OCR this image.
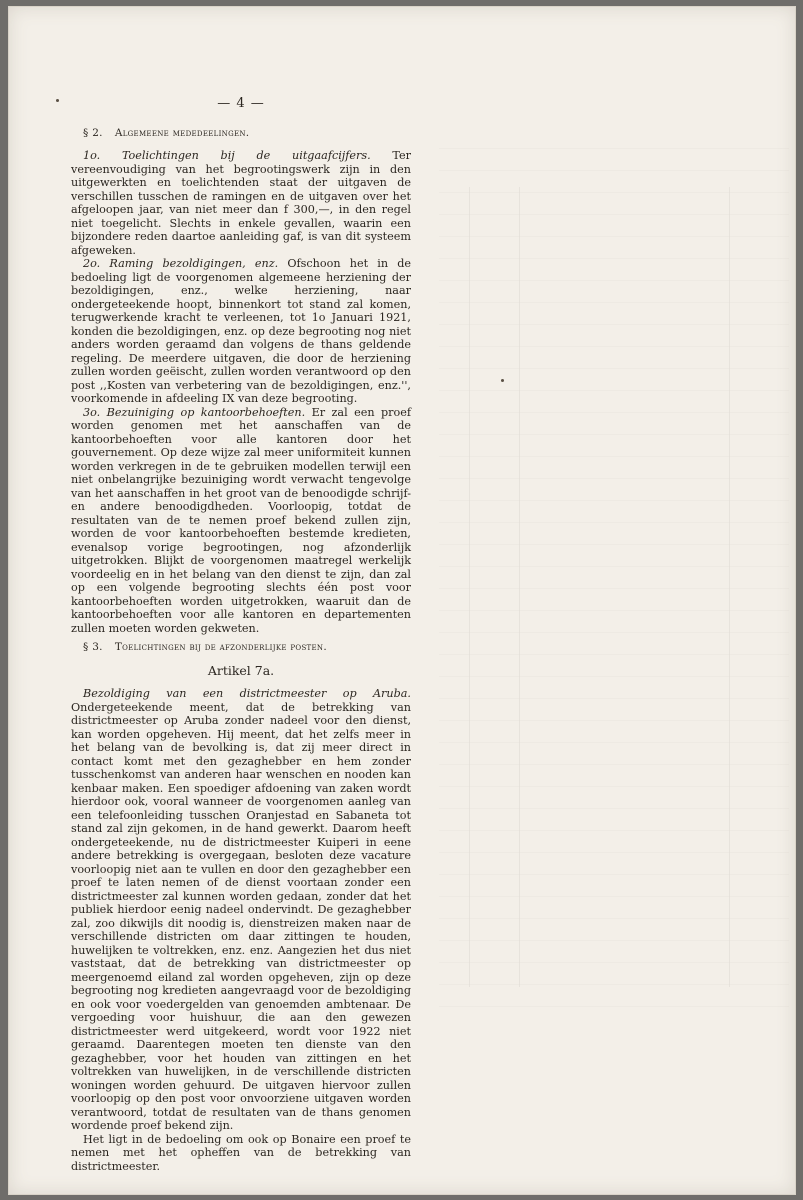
— 4 —
§ 2. Algemeene mededeelingen.

1o. Toelichtingen bij de uitgaafcijfers. Ter vereenvoudiging van het begrootingswerk zijn in den uitgewerkten en toelichtenden staat der uitgaven de verschillen tusschen de ramingen en de uitgaven over het afgeloopen jaar, van niet meer dan f 300,—, in den regel niet toegelicht. Slechts in enkele gevallen, waarin een bijzondere reden daartoe aanleiding gaf, is van dit systeem afgeweken.

2o. Raming bezoldigingen, enz. Ofschoon het in de bedoeling ligt de voorgenomen algemeene herziening der bezoldigingen, enz., welke herziening, naar ondergeteekende hoopt, binnenkort tot stand zal komen, terugwerkende kracht te verleenen, tot 1o Januari 1921, konden die bezoldigingen, enz. op deze begrooting nog niet anders worden geraamd dan volgens de thans geldende regeling. De meerdere uitgaven, die door de herziening zullen worden geëischt, zullen worden verantwoord op den post ,,Kosten van verbetering van de bezoldigingen, enz.'', voorkomende in afdeeling IX van deze begrooting.

3o. Bezuiniging op kantoorbehoeften. Er zal een proef worden genomen met het aanschaffen van de kantoorbehoeften voor alle kantoren door het gouvernement. Op deze wijze zal meer uniformiteit kunnen worden verkregen in de te gebruiken modellen terwijl een niet onbelangrijke bezuiniging wordt verwacht tengevolge van het aanschaffen in het groot van de benoodigde schrijf- en andere benoodigdheden. Voorloopig, totdat de resultaten van de te nemen proef bekend zullen zijn, worden de voor kantoorbehoeften bestemde kredieten, evenalsop vorige begrootingen, nog afzonderlijk uitgetrokken. Blijkt de voorgenomen maatregel werkelijk voordeelig en in het belang van den dienst te zijn, dan zal op een volgende begrooting slechts één post voor kantoorbehoeften worden uitgetrokken, waaruit dan de kantoorbehoeften voor alle kantoren en departementen zullen moeten worden gekweten.

§ 3. Toelichtingen bij de afzonderlijke posten.
Artikel 7a.

Bezoldiging van een districtmeester op Aruba. Ondergeteekende meent, dat de betrekking van districtmeester op Aruba zonder nadeel voor den dienst, kan worden opgeheven. Hij meent, dat het zelfs meer in het belang van de bevolking is, dat zij meer direct in contact komt met den gezaghebber en hem zonder tusschenkomst van anderen haar wenschen en nooden kan kenbaar maken. Een spoediger afdoening van zaken wordt hierdoor ook, vooral wanneer de voorgenomen aanleg van een telefoonleiding tusschen Oranjestad en Sabaneta tot stand zal zijn gekomen, in de hand gewerkt. Daarom heeft ondergeteekende, nu de districtmeester Kuiperi in eene andere betrekking is overgegaan, besloten deze vacature voorloopig niet aan te vullen en door den gezaghebber een proef te laten nemen of de dienst voortaan zonder een districtmeester zal kunnen worden gedaan, zonder dat het publiek hierdoor eenig nadeel ondervindt. De gezaghebber zal, zoo dikwijls dit noodig is, dienstreizen maken naar de verschillende districten om daar zittingen te houden, huwelijken te voltrekken, enz. enz. Aangezien het dus niet vaststaat, dat de betrekking van districtmeester op meergenoemd eiland zal worden opgeheven, zijn op deze begrooting nog kredieten aangevraagd voor de bezoldiging en ook voor voedergelden van genoemden ambtenaar. De vergoeding voor huishuur, die aan den gewezen districtmeester werd uitgekeerd, wordt voor 1922 niet geraamd. Daarentegen moeten ten dienste van den gezaghebber, voor het houden van zittingen en het voltrekken van huwelijken, in de verschillende districten woningen worden gehuurd. De uitgaven hiervoor zullen voorloopig op den post voor onvoorziene uitgaven worden verantwoord, totdat de resultaten van de thans genomen wordende proef bekend zijn.

Het ligt in de bedoeling om ook op Bonaire een proef te nemen met het opheffen van de betrekking van districtmeester.
